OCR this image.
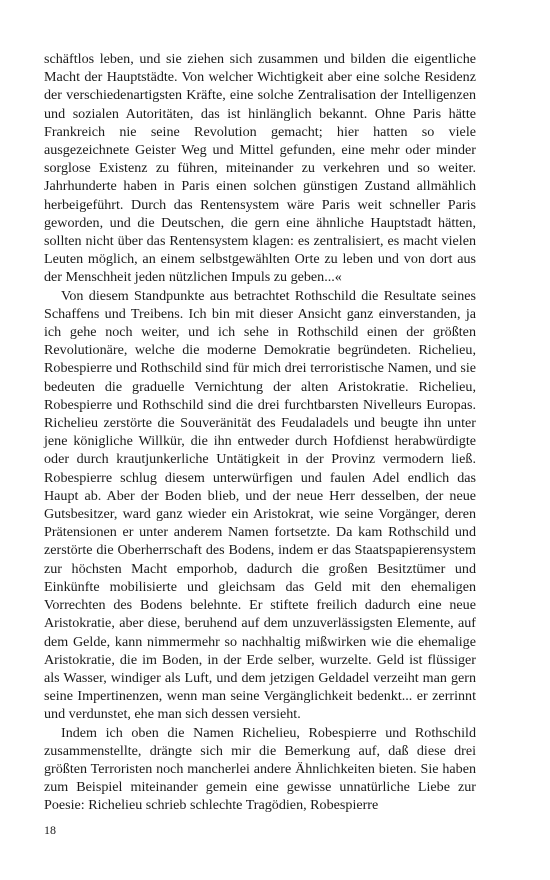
schäftlos leben, und sie ziehen sich zusammen und bilden die eigentliche Macht der Hauptstädte. Von welcher Wichtigkeit aber eine solche Residenz der verschiedenartigsten Kräfte, eine solche Zentralisation der Intelligenzen und sozialen Autoritäten, das ist hinlänglich bekannt. Ohne Paris hätte Frankreich nie seine Revolution gemacht; hier hatten so viele ausgezeichnete Geister Weg und Mittel gefunden, eine mehr oder minder sorglose Existenz zu führen, miteinander zu verkehren und so weiter. Jahrhunderte haben in Paris einen solchen günstigen Zustand allmählich herbeigeführt. Durch das Rentensystem wäre Paris weit schneller Paris geworden, und die Deutschen, die gern eine ähnliche Hauptstadt hätten, sollten nicht über das Rentensystem klagen: es zentralisiert, es macht vielen Leuten möglich, an einem selbstgewählten Orte zu leben und von dort aus der Menschheit jeden nützlichen Impuls zu geben...«

Von diesem Standpunkte aus betrachtet Rothschild die Resultate seines Schaffens und Treibens. Ich bin mit dieser Ansicht ganz einverstanden, ja ich gehe noch weiter, und ich sehe in Rothschild einen der größten Revolutionäre, welche die moderne Demokratie begründeten. Richelieu, Robespierre und Rothschild sind für mich drei terroristische Namen, und sie bedeuten die graduelle Vernichtung der alten Aristokratie. Richelieu, Robespierre und Rothschild sind die drei furchtbarsten Nivelleurs Europas. Richelieu zerstörte die Souveränität des Feudaladels und beugte ihn unter jene königliche Willkür, die ihn entweder durch Hofdienst herabwürdigte oder durch krautjunkerliche Untätigkeit in der Provinz vermodern ließ. Robespierre schlug diesem unterwürfigen und faulen Adel endlich das Haupt ab. Aber der Boden blieb, und der neue Herr desselben, der neue Gutsbesitzer, ward ganz wieder ein Aristokrat, wie seine Vorgänger, deren Prätensionen er unter anderem Namen fortsetzte. Da kam Rothschild und zerstörte die Oberherrschaft des Bodens, indem er das Staatspapierensystem zur höchsten Macht emporhob, dadurch die großen Besitztümer und Einkünfte mobilisierte und gleichsam das Geld mit den ehemaligen Vorrechten des Bodens belehnte. Er stiftete freilich dadurch eine neue Aristokratie, aber diese, beruhend auf dem unzuverlässigsten Elemente, auf dem Gelde, kann nimmermehr so nachhaltig mißwirken wie die ehemalige Aristokratie, die im Boden, in der Erde selber, wurzelte. Geld ist flüssiger als Wasser, windiger als Luft, und dem jetzigen Geldadel verzeiht man gern seine Impertinenzen, wenn man seine Vergänglichkeit bedenkt... er zerrinnt und verdunstet, ehe man sich dessen versieht.

Indem ich oben die Namen Richelieu, Robespierre und Rothschild zusammenstellte, drängte sich mir die Bemerkung auf, daß diese drei größten Terroristen noch mancherlei andere Ähnlichkeiten bieten. Sie haben zum Beispiel miteinander gemein eine gewisse unnatürliche Liebe zur Poesie: Richelieu schrieb schlechte Tragödien, Robespierre

18
